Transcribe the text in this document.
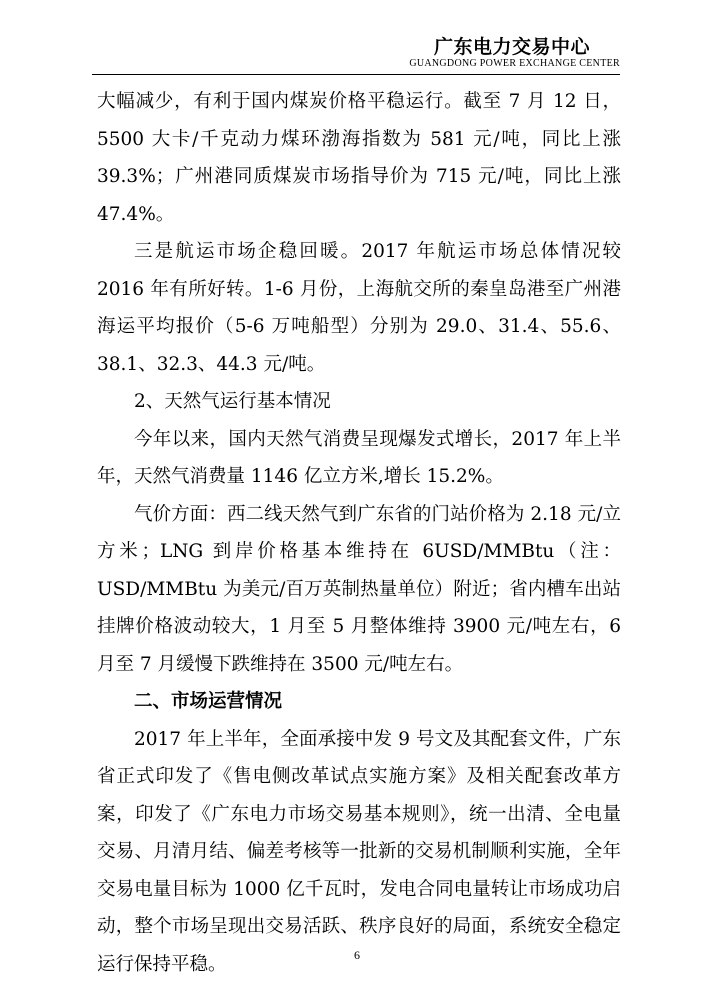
广东电力交易中心
GUANGDONG POWER EXCHANGE CENTER

大幅减少，有利于国内煤炭价格平稳运行。截至 7 月 12 日，5500 大卡/千克动力煤环渤海指数为 581 元/吨，同比上涨39.3%；广州港同质煤炭市场指导价为 715 元/吨，同比上涨47.4%。

三是航运市场企稳回暖。2017 年航运市场总体情况较2016 年有所好转。1-6 月份，上海航交所的秦皇岛港至广州港海运平均报价（5-6 万吨船型）分别为 29.0、31.4、55.6、38.1、32.3、44.3 元/吨。

2、天然气运行基本情况

今年以来，国内天然气消费呈现爆发式增长，2017 年上半年，天然气消费量 1146 亿立方米,增长 15.2%。

气价方面：西二线天然气到广东省的门站价格为 2.18 元/立方米；LNG 到岸价格基本维持在 6USD/MMBtu（注：USD/MMBtu 为美元/百万英制热量单位）附近；省内槽车出站挂牌价格波动较大，1 月至 5 月整体维持 3900 元/吨左右，6 月至 7 月缓慢下跌维持在 3500 元/吨左右。

二、市场运营情况

2017 年上半年，全面承接中发 9 号文及其配套文件，广东省正式印发了《售电侧改革试点实施方案》及相关配套改革方案，印发了《广东电力市场交易基本规则》，统一出清、全电量交易、月清月结、偏差考核等一批新的交易机制顺利实施，全年交易电量目标为 1000 亿千瓦时，发电合同电量转让市场成功启动，整个市场呈现出交易活跃、秩序良好的局面，系统安全稳定运行保持平稳。	6
